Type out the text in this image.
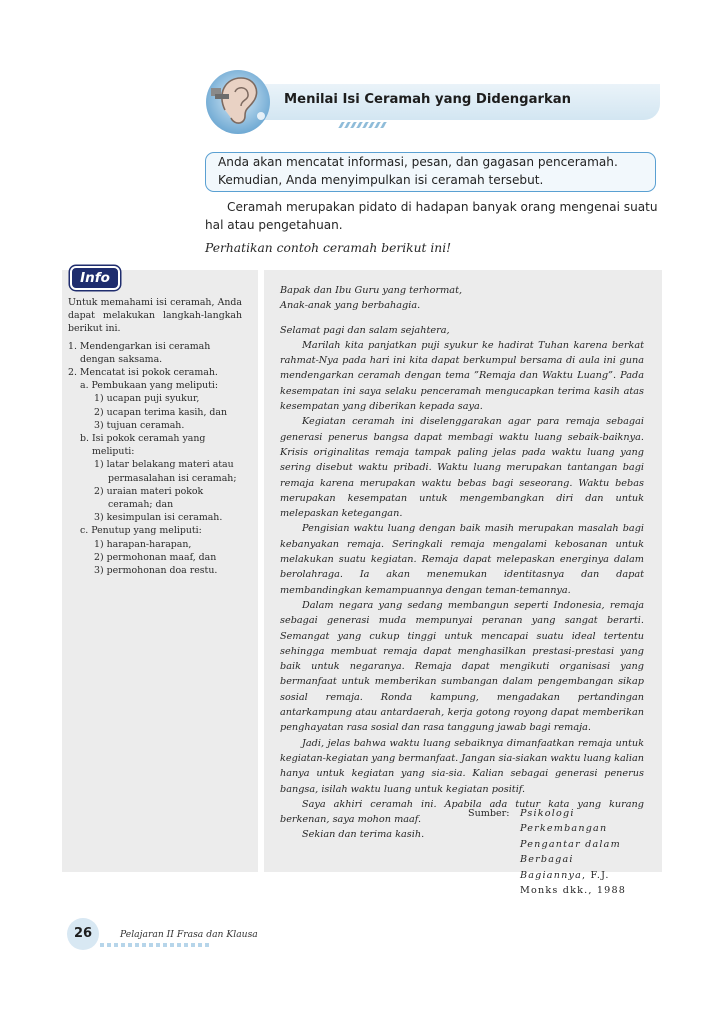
Menilai Isi Ceramah yang Didengarkan

Anda akan mencatat informasi, pesan, dan gagasan penceramah. Kemudian, Anda menyimpulkan isi ceramah tersebut.

Ceramah merupakan pidato di hadapan banyak orang mengenai suatu hal atau pengetahuan.

Perhatikan contoh ceramah berikut ini!

Info

Untuk memahami isi ceramah, Anda dapat melakukan langkah-langkah berikut ini.

1. Mendengarkan isi ceramah dengan saksama.
2. Mencatat isi pokok ceramah.
a. Pembukaan yang meliputi:
1) ucapan puji syukur,
2) ucapan terima kasih, dan
3) tujuan ceramah.
b. Isi pokok ceramah yang meliputi:
1) latar belakang materi atau permasalahan isi ceramah;
2) uraian materi pokok ceramah; dan
3) kesimpulan isi ceramah.
c. Penutup yang meliputi:
1) harapan-harapan,
2) permohonan maaf, dan
3) permohonan doa restu.

Bapak dan Ibu Guru yang terhormat,

Anak-anak yang berbahagia.

Selamat pagi dan salam sejahtera,

Marilah kita panjatkan puji syukur ke hadirat Tuhan karena berkat rahmat-Nya pada hari ini kita dapat berkumpul bersama di aula ini guna mendengarkan ceramah dengan tema ”Remaja dan Waktu Luang”. Pada kesempatan ini saya selaku penceramah mengucapkan terima kasih atas kesempatan yang diberikan kepada saya.

Kegiatan ceramah ini diselenggarakan agar para remaja sebagai generasi penerus bangsa dapat membagi waktu luang sebaik-baiknya. Krisis originalitas remaja tampak paling jelas pada waktu luang yang sering disebut waktu pribadi. Waktu luang merupakan tantangan bagi remaja karena merupakan waktu bebas bagi seseorang. Waktu bebas merupakan kesempatan untuk mengembangkan diri dan untuk melepaskan ketegangan.

Pengisian waktu luang dengan baik masih merupakan masalah bagi kebanyakan remaja. Seringkali remaja mengalami kebosanan untuk melakukan suatu kegiatan. Remaja dapat melepaskan energinya dalam berolahraga. Ia akan menemukan identitasnya dan dapat membandingkan kemampuannya dengan teman-temannya.

Dalam negara yang sedang membangun seperti Indonesia, remaja sebagai generasi muda mempunyai peranan yang sangat berarti. Semangat yang cukup tinggi untuk mencapai suatu ideal tertentu sehingga membuat remaja dapat menghasilkan prestasi-prestasi yang baik untuk negaranya. Remaja dapat mengikuti organisasi yang bermanfaat untuk memberikan sumbangan dalam pengembangan sikap sosial remaja. Ronda kampung, mengadakan pertandingan antarkampung atau antardaerah, kerja gotong royong dapat memberikan penghayatan rasa sosial dan rasa tanggung jawab bagi remaja.

Jadi, jelas bahwa waktu luang sebaiknya dimanfaatkan remaja untuk kegiatan-kegiatan yang bermanfaat. Jangan sia-siakan waktu luang kalian hanya untuk kegiatan yang sia-sia. Kalian sebagai generasi penerus bangsa, isilah waktu luang untuk kegiatan positif.

Saya akhiri ceramah ini. Apabila ada tutur kata yang kurang berkenan, saya mohon maaf.

Sekian dan terima kasih.

Sumber: Psikologi Perkembangan Pengantar dalam Berbagai Bagiannya, F.J. Monks dkk., 1988

26	Pelajaran II Frasa dan Klausa
